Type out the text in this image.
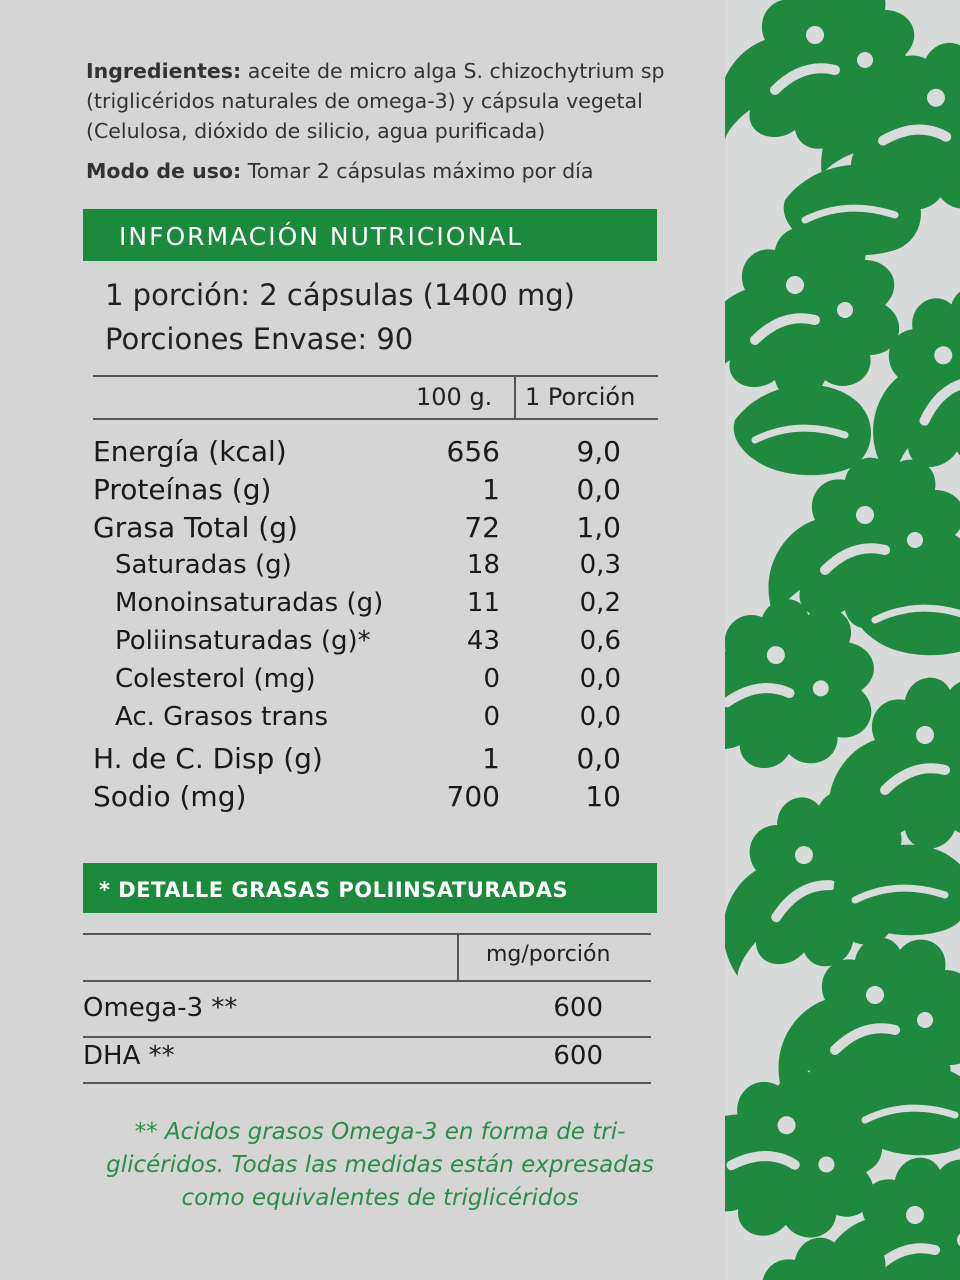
Ingredientes: aceite de micro alga S. chizochytrium sp (triglicéridos naturales de omega-3) y cápsula vegetal (Celulosa, dióxido de silicio, agua purificada)
Modo de uso: Tomar 2 cápsulas máximo por día
INFORMACIÓN NUTRICIONAL
1 porción: 2 cápsulas (1400 mg)
Porciones Envase: 90
100 g. 1 Porción
Energía (kcal)	656	9,0
Proteínas (g)	1	0,0
Grasa Total (g)	72	1,0
Saturadas (g)	18	0,3
Monoinsaturadas (g)	11	0,2
Poliinsaturadas (g)*	43	0,6
Colesterol (mg)	0	0,0
Ac. Grasos trans	0	0,0
H. de C. Disp (g)	1	0,0
Sodio (mg)	700	10
* DETALLE GRASAS POLIINSATURADAS
mg/porción
Omega-3 **	600
DHA **	600
** Acidos grasos Omega-3 en forma de tri-
glicéridos. Todas las medidas están expresadas
como equivalentes de triglicéridos
